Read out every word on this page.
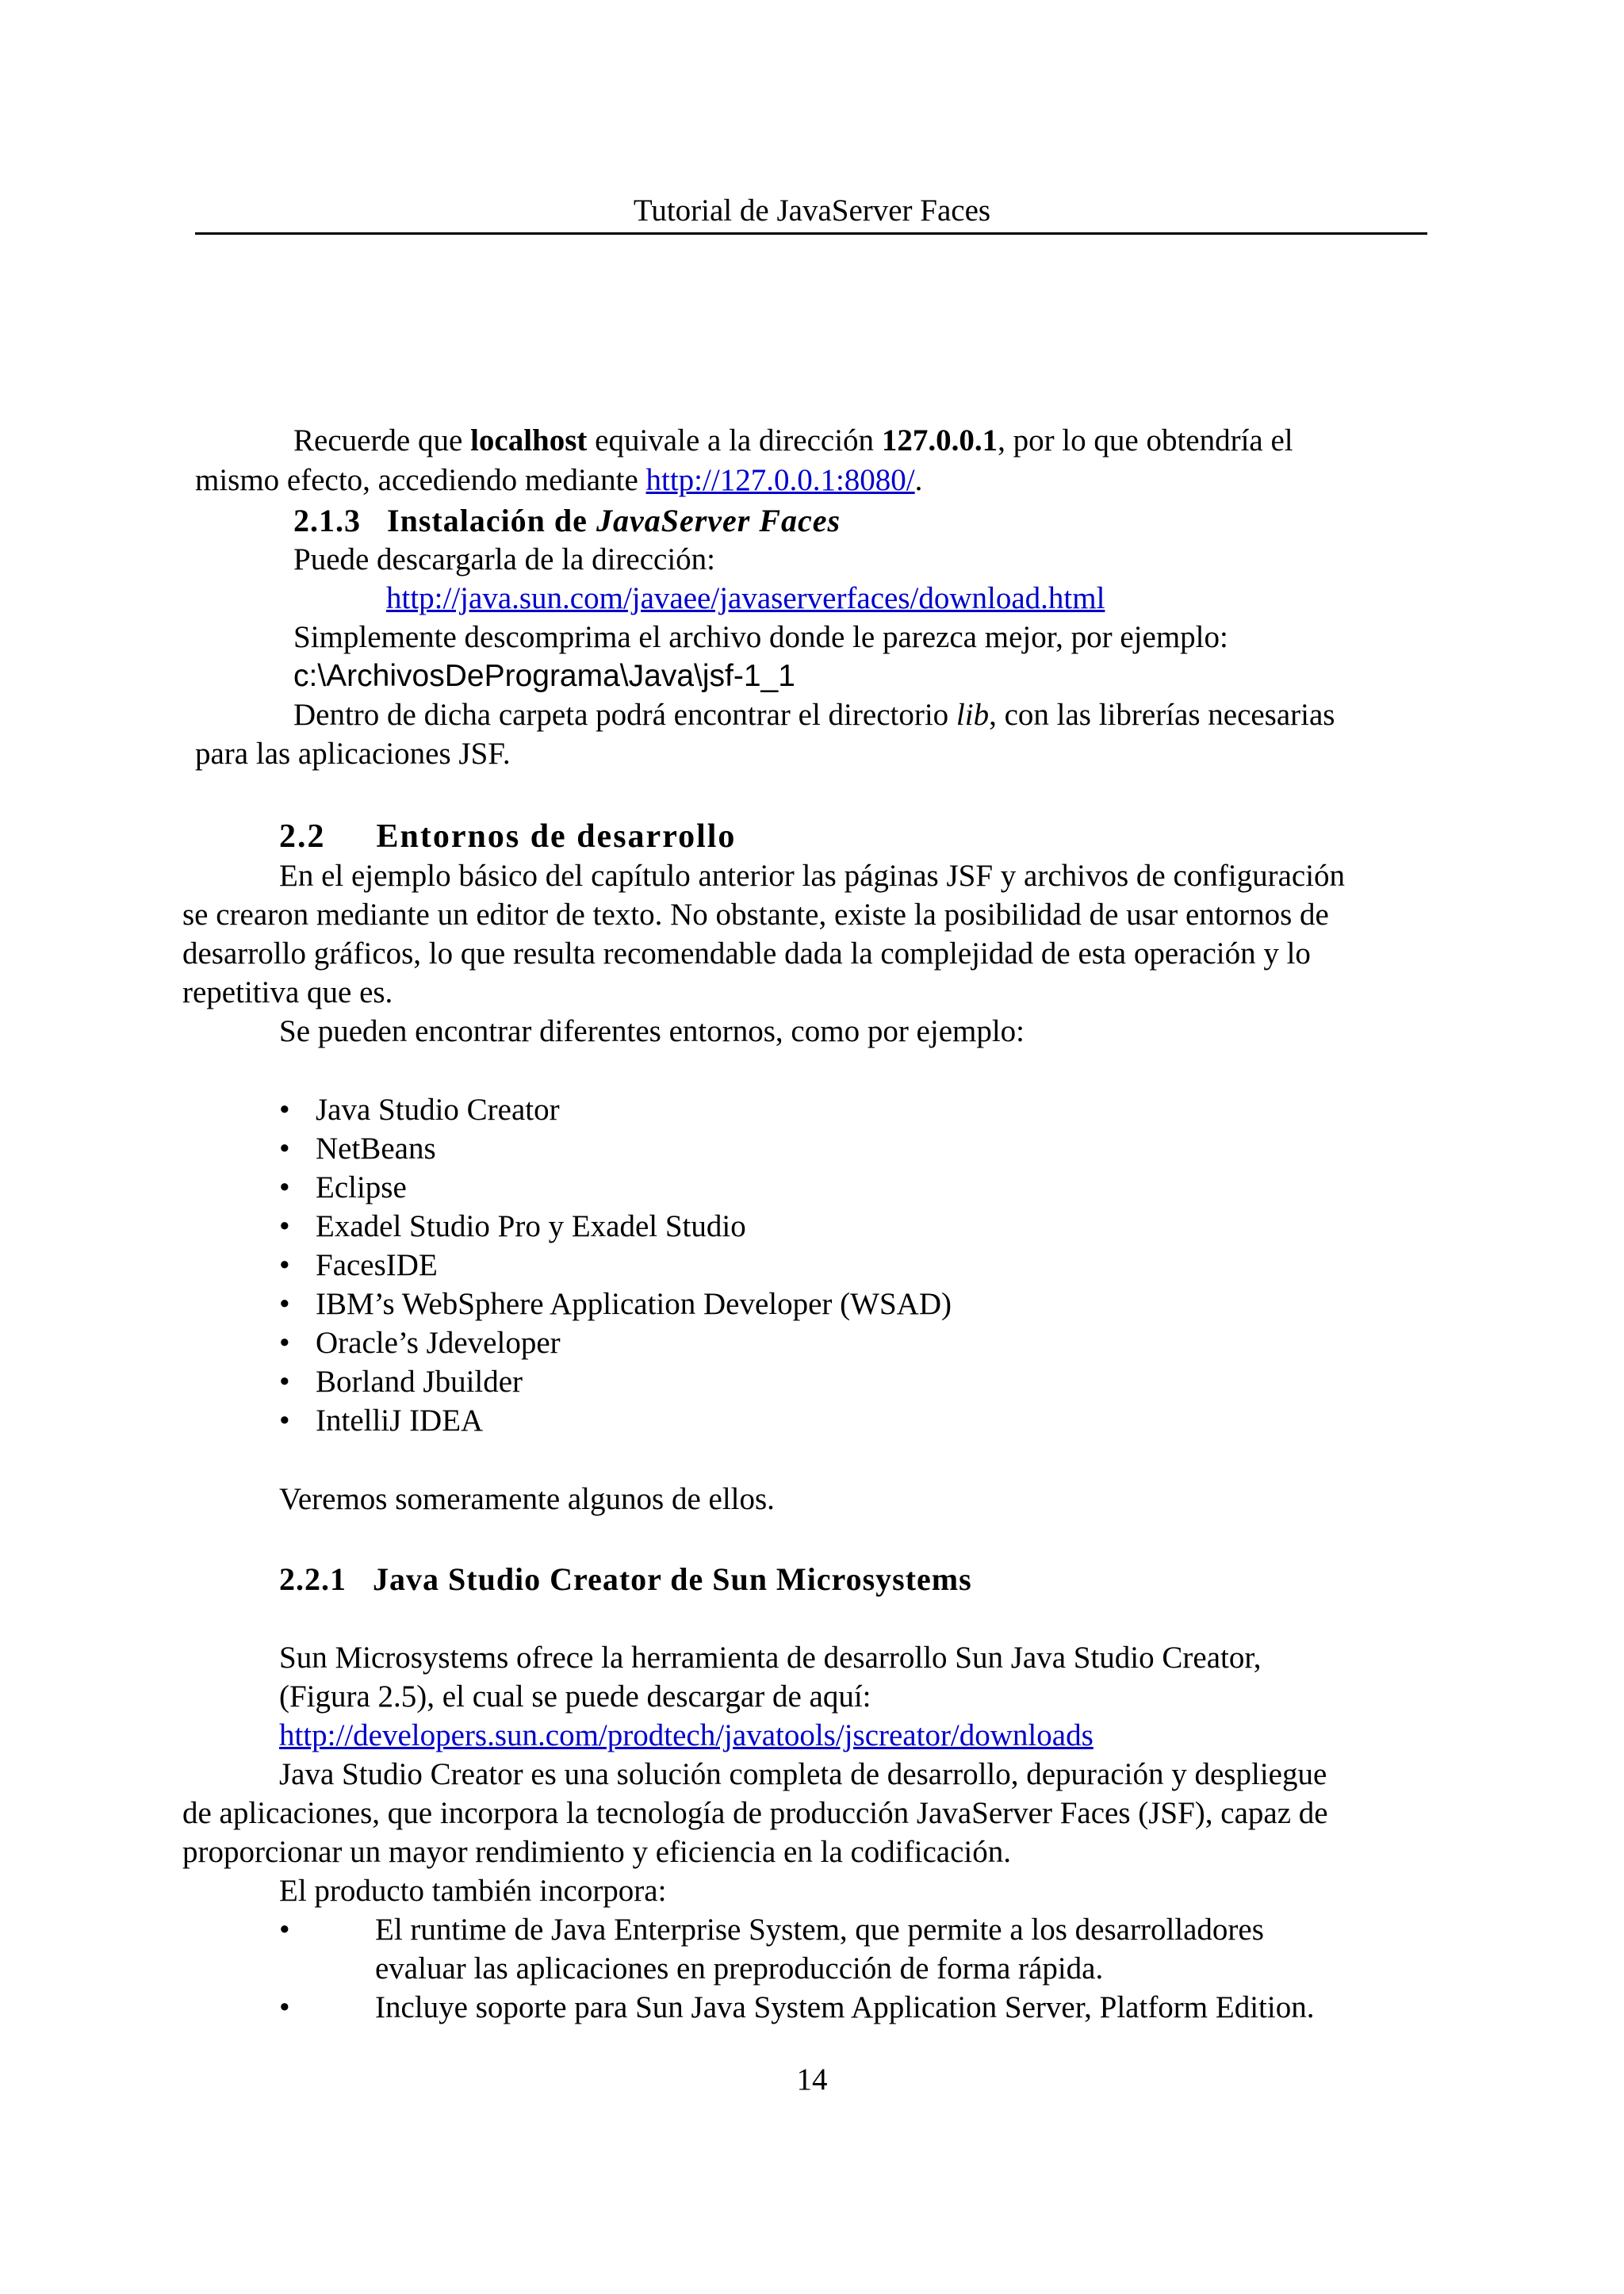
Tutorial de JavaServer Faces
Recuerde que localhost equivale a la dirección 127.0.0.1, por lo que obtendría el
mismo efecto, accediendo mediante http://127.0.0.1:8080/.
2.1.3 Instalación de JavaServer Faces
Puede descargarla de la dirección:
http://java.sun.com/javaee/javaserverfaces/download.html
Simplemente descomprima el archivo donde le parezca mejor, por ejemplo:
c:\ArchivosDePrograma\Java\jsf-1_1
Dentro de dicha carpeta podrá encontrar el directorio lib, con las librerías necesarias
para las aplicaciones JSF.
2.2 Entornos de desarrollo
En el ejemplo básico del capítulo anterior las páginas JSF y archivos de configuración
se crearon mediante un editor de texto. No obstante, existe la posibilidad de usar entornos de
desarrollo gráficos, lo que resulta recomendable dada la complejidad de esta operación y lo
repetitiva que es.
Se pueden encontrar diferentes entornos, como por ejemplo:
• Java Studio Creator
• NetBeans
• Eclipse
• Exadel Studio Pro y Exadel Studio
• FacesIDE
• IBM’s WebSphere Application Developer (WSAD)
• Oracle’s Jdeveloper
• Borland Jbuilder
• IntelliJ IDEA
Veremos someramente algunos de ellos.
2.2.1 Java Studio Creator de Sun Microsystems
Sun Microsystems ofrece la herramienta de desarrollo Sun Java Studio Creator,
(Figura 2.5), el cual se puede descargar de aquí:
http://developers.sun.com/prodtech/javatools/jscreator/downloads
Java Studio Creator es una solución completa de desarrollo, depuración y despliegue
de aplicaciones, que incorpora la tecnología de producción JavaServer Faces (JSF), capaz de
proporcionar un mayor rendimiento y eficiencia en la codificación.
El producto también incorpora:
•	El runtime de Java Enterprise System, que permite a los desarrolladores
evaluar las aplicaciones en preproducción de forma rápida.
•	Incluye soporte para Sun Java System Application Server, Platform Edition.
14
